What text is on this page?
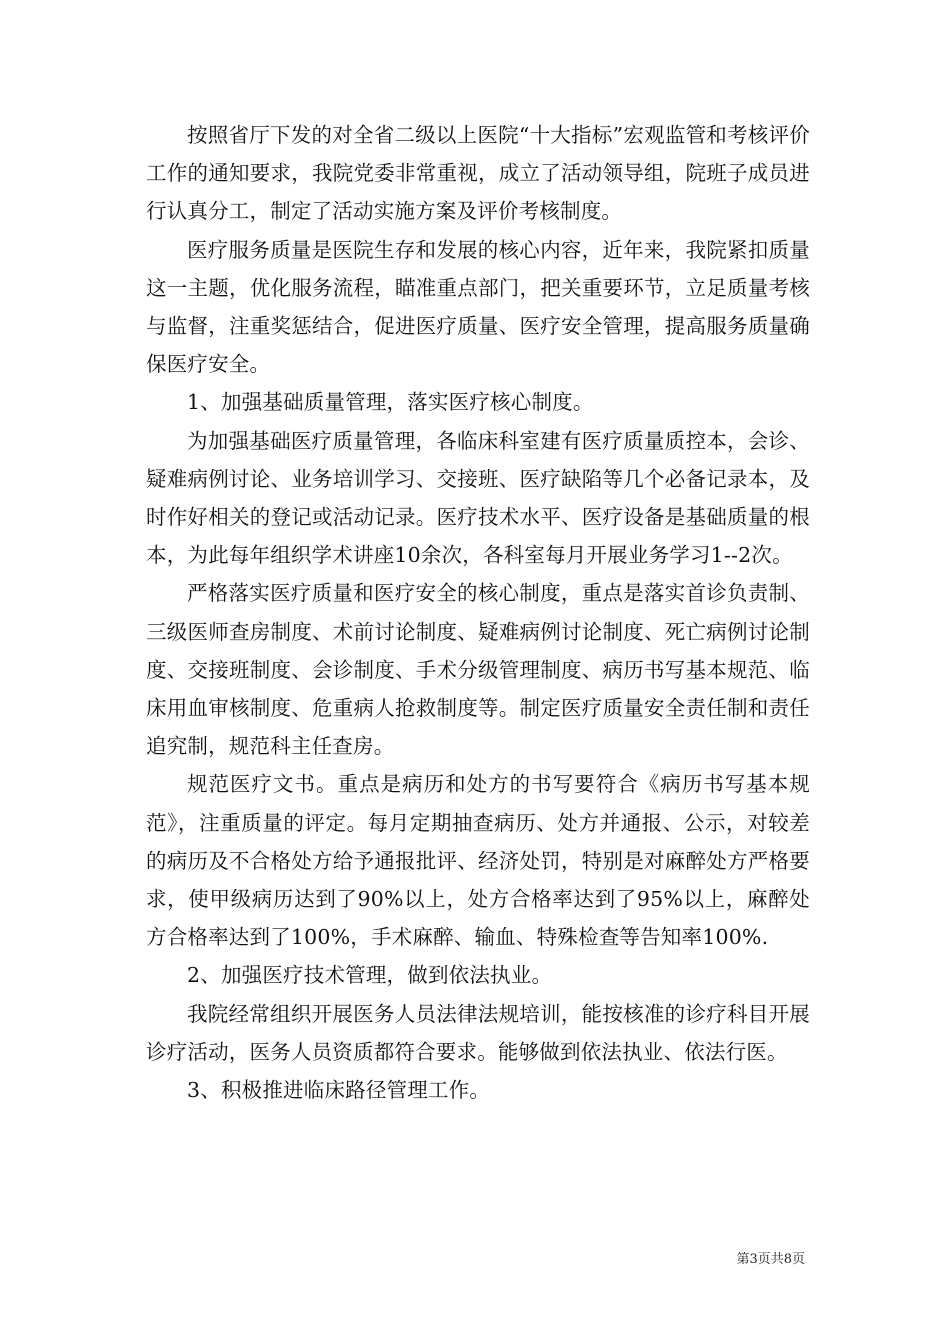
按照省厅下发的对全省二级以上医院“十大指标”宏观监管和考核评价工作的通知要求，我院党委非常重视，成立了活动领导组，院班子成员进行认真分工，制定了活动实施方案及评价考核制度。

医疗服务质量是医院生存和发展的核心内容，近年来，我院紧扣质量这一主题，优化服务流程，瞄准重点部门，把关重要环节，立足质量考核与监督，注重奖惩结合，促进医疗质量、医疗安全管理，提高服务质量确保医疗安全。

1、加强基础质量管理，落实医疗核心制度。

为加强基础医疗质量管理，各临床科室建有医疗质量质控本，会诊、疑难病例讨论、业务培训学习、交接班、医疗缺陷等几个必备记录本，及时作好相关的登记或活动记录。医疗技术水平、医疗设备是基础质量的根本，为此每年组织学术讲座10余次，各科室每月开展业务学习1--2次。

严格落实医疗质量和医疗安全的核心制度，重点是落实首诊负责制、三级医师查房制度、术前讨论制度、疑难病例讨论制度、死亡病例讨论制度、交接班制度、会诊制度、手术分级管理制度、病历书写基本规范、临床用血审核制度、危重病人抢救制度等。制定医疗质量安全责任制和责任追究制，规范科主任查房。

规范医疗文书。重点是病历和处方的书写要符合《病历书写基本规范》，注重质量的评定。每月定期抽查病历、处方并通报、公示，对较差的病历及不合格处方给予通报批评、经济处罚，特别是对麻醉处方严格要求，使甲级病历达到了90%以上，处方合格率达到了95%以上，麻醉处方合格率达到了100%，手术麻醉、输血、特殊检查等告知率100%.

2、加强医疗技术管理，做到依法执业。

我院经常组织开展医务人员法律法规培训，能按核准的诊疗科目开展诊疗活动，医务人员资质都符合要求。能够做到依法执业、依法行医。

3、积极推进临床路径管理工作。

第3页共8页
